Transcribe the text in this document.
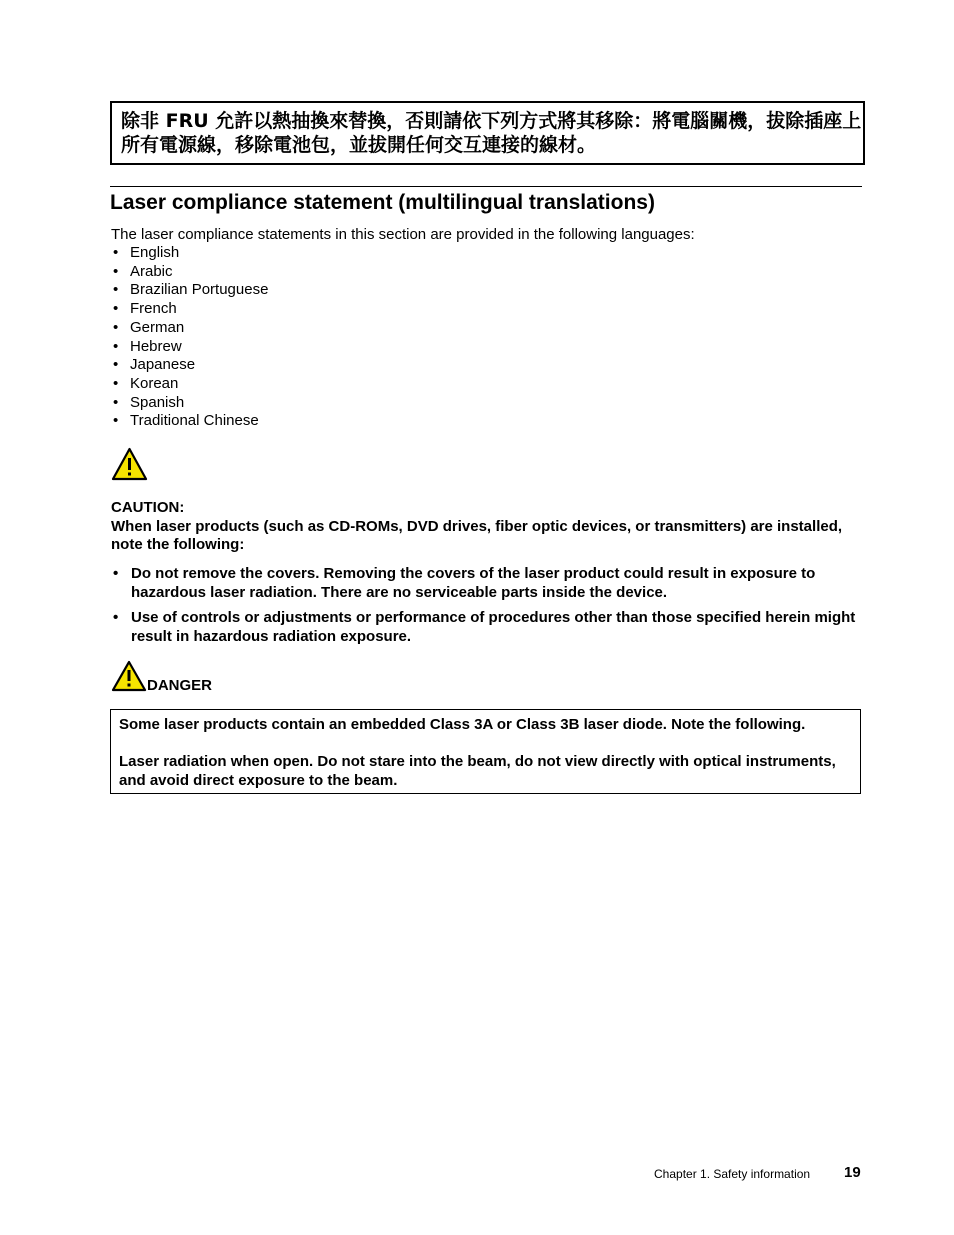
除非 FRU 允許以熱抽換來替換，否則請依下列方式將其移除：將電腦關機，拔除插座上所有電源線，移除電池包，並拔開任何交互連接的線材。
Laser compliance statement (multilingual translations)

The laser compliance statements in this section are provided in the following languages:

• English
• Arabic
• Brazilian Portuguese
• French
• German
• Hebrew
• Japanese
• Korean
• Spanish
• Traditional Chinese
CAUTION:
When laser products (such as CD-ROMs, DVD drives, fiber optic devices, or transmitters) are installed, note the following:
• Do not remove the covers. Removing the covers of the laser product could result in exposure to hazardous laser radiation. There are no serviceable parts inside the device.
• Use of controls or adjustments or performance of procedures other than those specified herein might result in hazardous radiation exposure.

DANGER

Some laser products contain an embedded Class 3A or Class 3B laser diode. Note the following.

Laser radiation when open. Do not stare into the beam, do not view directly with optical instruments, and avoid direct exposure to the beam.

Chapter 1. Safety information 19
